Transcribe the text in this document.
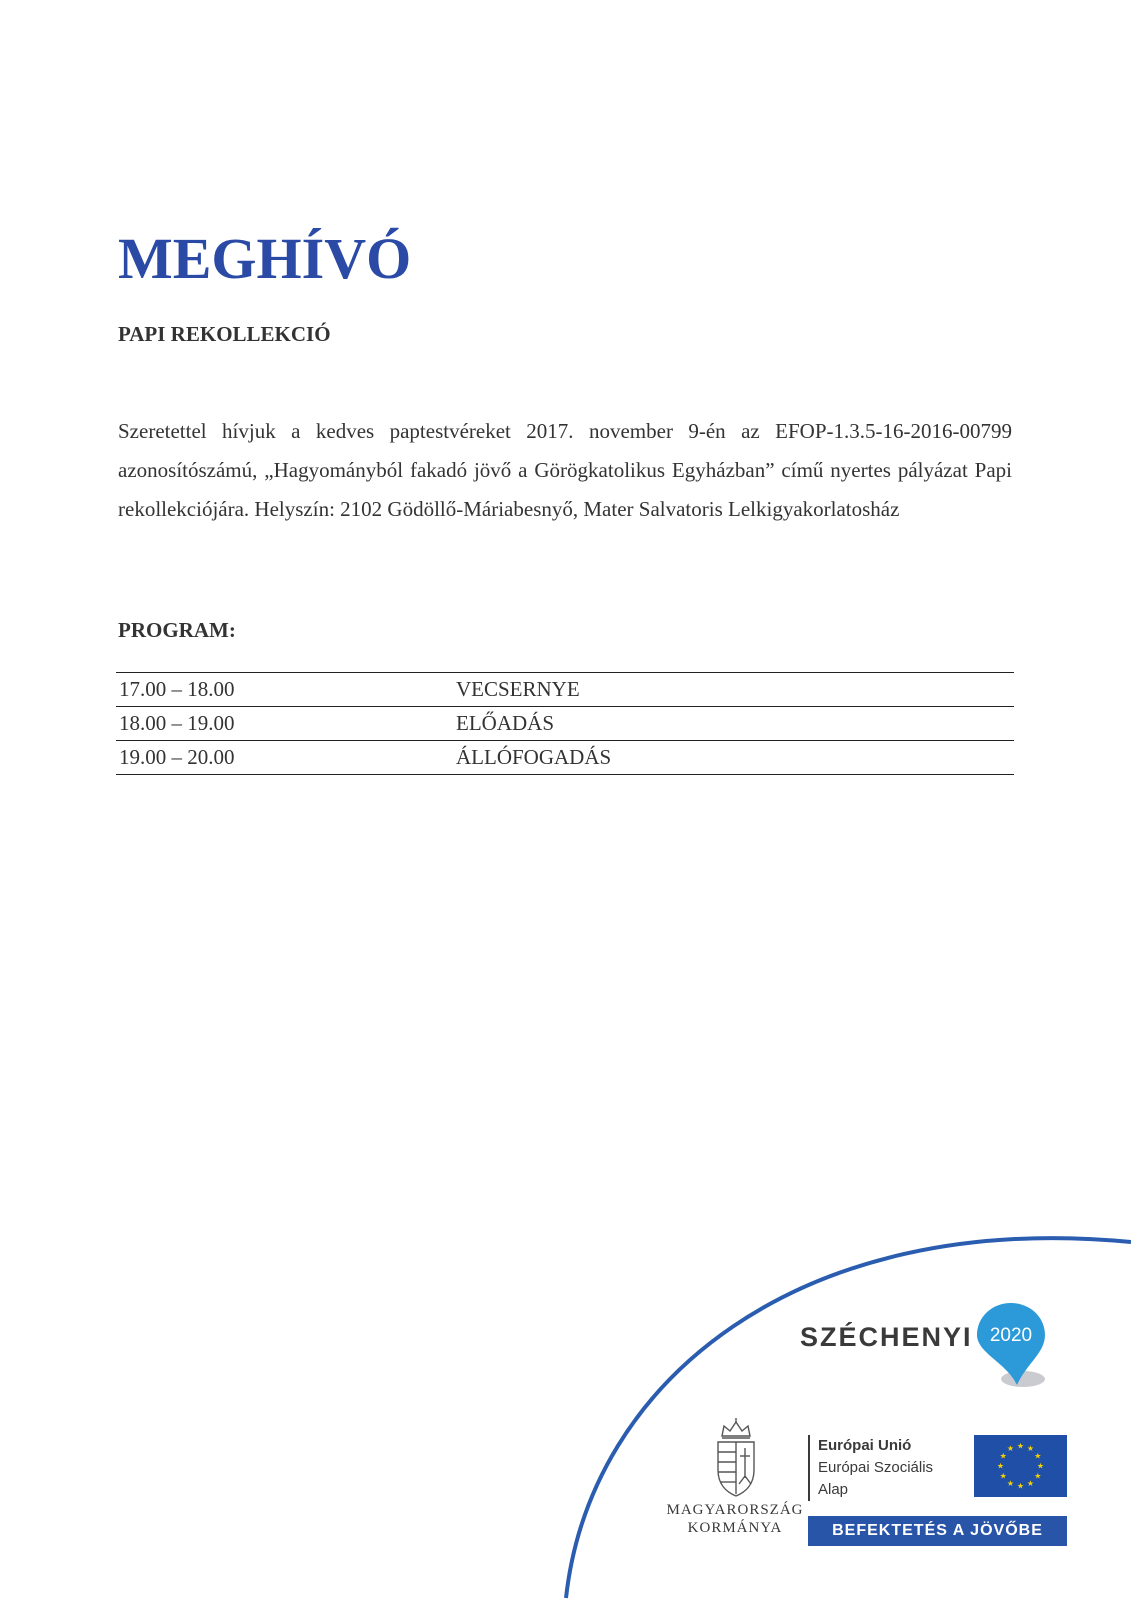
MEGHÍVÓ
PAPI REKOLLEKCIÓ

Szeretettel hívjuk a kedves paptestvéreket 2017. november 9-én az EFOP-1.3.5-16-2016-00799 azonosítószámú, „Hagyományból fakadó jövő a Görögkatolikus Egyházban” című nyertes pályázat Papi rekollekciójára. Helyszín: 2102 Gödöllő-Máriabesnyő, Mater Salvatoris Lelkigyakorlatosház

PROGRAM:
17.00 – 18.00	VECSERNYE
18.00 – 19.00	ELŐADÁS
19.00 – 20.00	ÁLLÓFOGADÁS
SZÉCHENYI 2020
MAGYARORSZÁG
KORMÁNYA
Európai Unió
Európai Szociális
Alap
★ ★
★
★
★
★
★
★
★
★
★
★
BEFEKTETÉS A JÖVŐBE
